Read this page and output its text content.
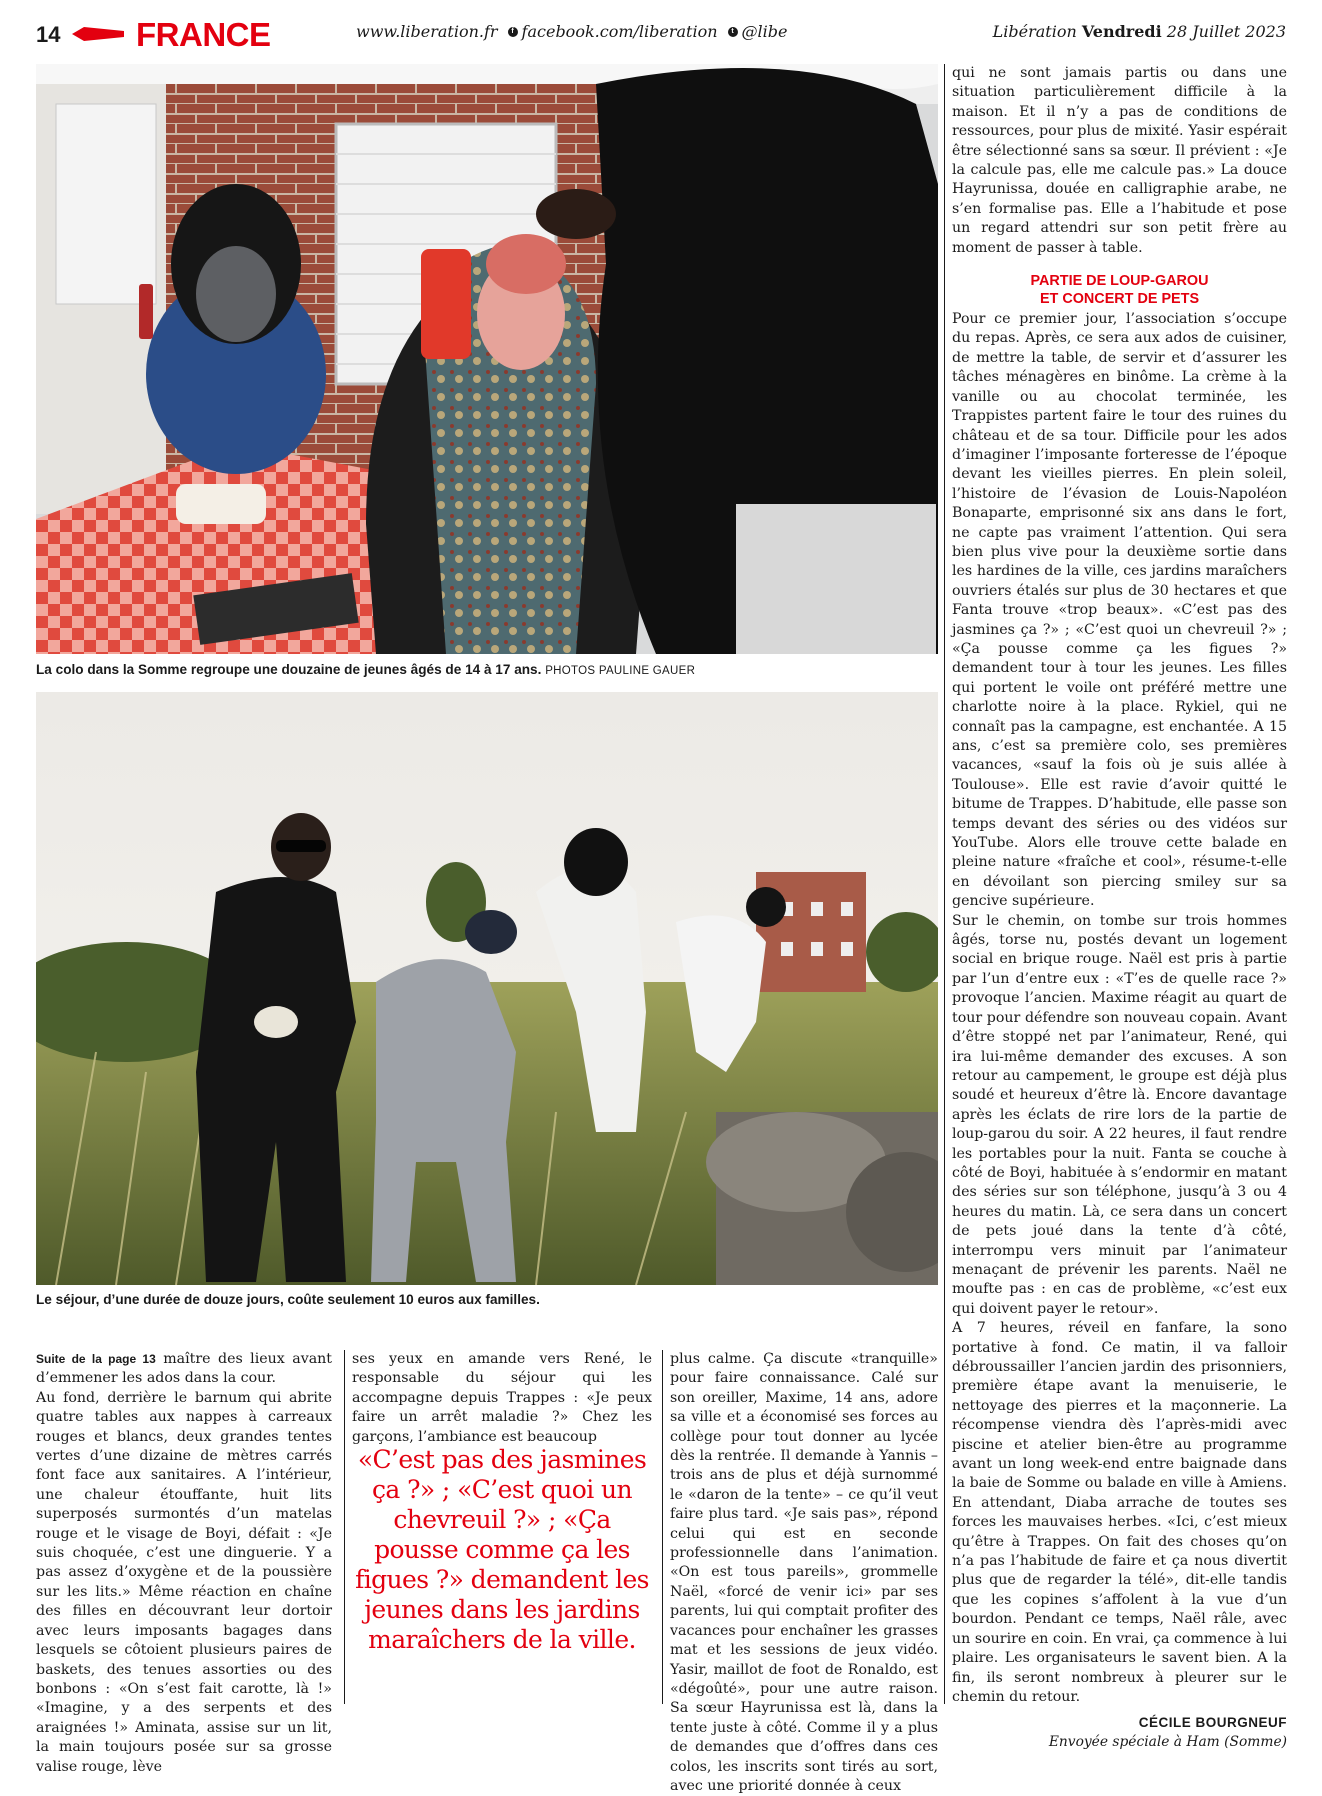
14 FRANCE	www.liberation.fr	f facebook.com/liberation	t @libe	Libération Vendredi 28 Juillet 2023
La colo dans la Somme regroupe une douzaine de jeunes âgés de 14 à 17 ans. PHOTOS PAULINE GAUER
Le séjour, d’une durée de douze jours, coûte seulement 10 euros aux familles.

qui ne sont jamais partis ou dans une situation particulièrement difficile à la maison. Et il n’y a pas de conditions de ressources, pour plus de mixité. Yasir espérait être sélectionné sans sa sœur. Il prévient : «Je la calcule pas, elle me calcule pas.» La douce Hayrunissa, douée en calligraphie arabe, ne s’en formalise pas. Elle a l’habitude et pose un regard attendri sur son petit frère au moment de passer à table.

PARTIE DE LOUP-GAROU
ET CONCERT DE PETS

Pour ce premier jour, l’association s’occupe du repas. Après, ce sera aux ados de cuisiner, de mettre la table, de servir et d’assurer les tâches ménagères en binôme. La crème à la vanille ou au chocolat terminée, les Trappistes partent faire le tour des ruines du château et de sa tour. Difficile pour les ados d’imaginer l’imposante forteresse de l’époque devant les vieilles pierres. En plein soleil, l’histoire de l’évasion de Louis-Napoléon Bonaparte, emprisonné six ans dans le fort, ne capte pas vraiment l’attention. Qui sera bien plus vive pour la deuxième sortie dans les hardines de la ville, ces jardins maraîchers ouvriers étalés sur plus de 30 hectares et que Fanta trouve «trop beaux». «C’est pas des jasmines ça ?» ; «C’est quoi un chevreuil ?» ; «Ça pousse comme ça les figues ?» demandent tour à tour les jeunes. Les filles qui portent le voile ont préféré mettre une charlotte noire à la place. Rykiel, qui ne connaît pas la campagne, est enchantée. A 15 ans, c’est sa première colo, ses premières vacances, «sauf la fois où je suis allée à Toulouse». Elle est ravie d’avoir quitté le bitume de Trappes. D’habitude, elle passe son temps devant des séries ou des vidéos sur YouTube. Alors elle trouve cette balade en pleine nature «fraîche et cool», résume-t-elle en dévoilant son piercing smiley sur sa gencive supérieure.

Sur le chemin, on tombe sur trois hommes âgés, torse nu, postés devant un logement social en brique rouge. Naël est pris à partie par l’un d’entre eux : «T’es de quelle race ?» provoque l’ancien. Maxime réagit au quart de tour pour défendre son nouveau copain. Avant d’être stoppé net par l’animateur, René, qui ira lui-même demander des excuses. A son retour au campement, le groupe est déjà plus soudé et heureux d’être là. Encore davantage après les éclats de rire lors de la partie de loup-garou du soir. A 22 heures, il faut rendre les portables pour la nuit. Fanta se couche à côté de Boyi, habituée à s’endormir en matant des séries sur son téléphone, jusqu’à 3 ou 4 heures du matin. Là, ce sera dans un concert de pets joué dans la tente d’à côté, interrompu vers minuit par l’animateur menaçant de prévenir les parents. Naël ne moufte pas : en cas de problème, «c’est eux qui doivent payer le retour».

A 7 heures, réveil en fanfare, la sono portative à fond. Ce matin, il va falloir débroussailler l’ancien jardin des prisonniers, première étape avant la menuiserie, le nettoyage des pierres et la maçonnerie. La récompense viendra dès l’après-midi avec piscine et atelier bien-être au programme avant un long week-end entre baignade dans la baie de Somme ou balade en ville à Amiens. En attendant, Diaba arrache de toutes ses forces les mauvaises herbes. «Ici, c’est mieux qu’être à Trappes. On fait des choses qu’on n’a pas l’habitude de faire et ça nous divertit plus que de regarder la télé», dit-elle tandis que les copines s’affolent à la vue d’un bourdon. Pendant ce temps, Naël râle, avec un sourire en coin. En vrai, ça commence à lui plaire. Les organisateurs le savent bien. A la fin, ils seront nombreux à pleurer sur le chemin du retour.

CÉCILE BOURGNEUF
Envoyée spéciale à Ham (Somme)

Suite de la page 13 maître des lieux avant d’emmener les ados dans la cour.

Au fond, derrière le barnum qui abrite quatre tables aux nappes à carreaux rouges et blancs, deux grandes tentes vertes d’une dizaine de mètres carrés font face aux sanitaires. A l’intérieur, une chaleur étouffante, huit lits superposés surmontés d’un matelas rouge et le visage de Boyi, défait : «Je suis choquée, c’est une dinguerie. Y a pas assez d’oxygène et de la poussière sur les lits.» Même réaction en chaîne des filles en découvrant leur dortoir avec leurs imposants bagages dans lesquels se côtoient plusieurs paires de baskets, des tenues assorties ou des bonbons : «On s’est fait carotte, là !» «Imagine, y a des serpents et des araignées !» Aminata, assise sur un lit, la main toujours posée sur sa grosse valise rouge, lève

ses yeux en amande vers René, le responsable du séjour qui les accompagne depuis Trappes : «Je peux faire un arrêt maladie ?» Chez les garçons, l’ambiance est beaucoup

«C’est pas des jasmines ça ?» ; «C’est quoi un chevreuil ?» ; «Ça pousse comme ça les figues ?» demandent les jeunes dans les jardins maraîchers de la ville.

plus calme. Ça discute «tranquille» pour faire connaissance. Calé sur son oreiller, Maxime, 14 ans, adore sa ville et a économisé ses forces au collège pour tout donner au lycée dès la rentrée. Il demande à Yannis – trois ans de plus et déjà surnommé le «daron de la tente» – ce qu’il veut faire plus tard. «Je sais pas», répond celui qui est en seconde professionnelle dans l’animation. «On est tous pareils», grommelle Naël, «forcé de venir ici» par ses parents, lui qui comptait profiter des vacances pour enchaîner les grasses mat et les sessions de jeux vidéo. Yasir, maillot de foot de Ronaldo, est «dégoûté», pour une autre raison. Sa sœur Hayrunissa est là, dans la tente juste à côté. Comme il y a plus de demandes que d’offres dans ces colos, les inscrits sont tirés au sort, avec une priorité donnée à ceux
